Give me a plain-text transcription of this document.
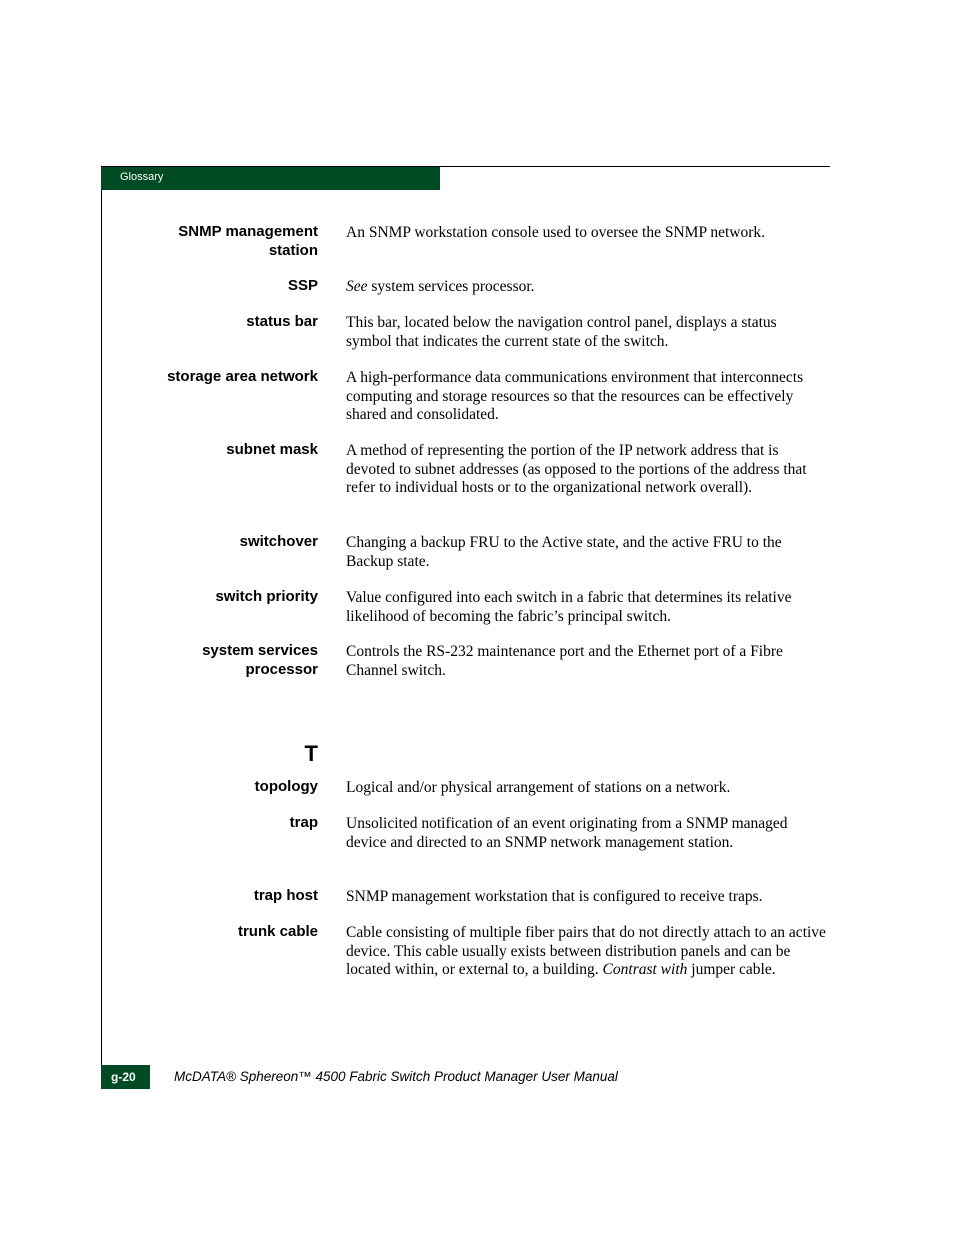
Glossary
SNMP management
station
An SNMP workstation console used to oversee the SNMP network.
SSP See system services processor.
status bar This bar, located below the navigation control panel, displays a status symbol that indicates the current state of the switch.
storage area network A high-performance data communications environment that interconnects computing and storage resources so that the resources can be effectively shared and consolidated.
subnet mask A method of representing the portion of the IP network address that is devoted to subnet addresses (as opposed to the portions of the address that refer to individual hosts or to the organizational network overall).
switchover Changing a backup FRU to the Active state, and the active FRU to the Backup state.
switch priority Value configured into each switch in a fabric that determines its relative likelihood of becoming the fabric’s principal switch.
system services
processor
Controls the RS-232 maintenance port and the Ethernet port of a Fibre Channel switch.
T
topology Logical and/or physical arrangement of stations on a network.
trap Unsolicited notification of an event originating from a SNMP managed device and directed to an SNMP network management station.
trap host SNMP management workstation that is configured to receive traps.
trunk cable Cable consisting of multiple fiber pairs that do not directly attach to an active device. This cable usually exists between distribution panels and can be located within, or external to, a building. Contrast with jumper cable.
g-20	McDATA® Sphereon™ 4500 Fabric Switch Product Manager User Manual
